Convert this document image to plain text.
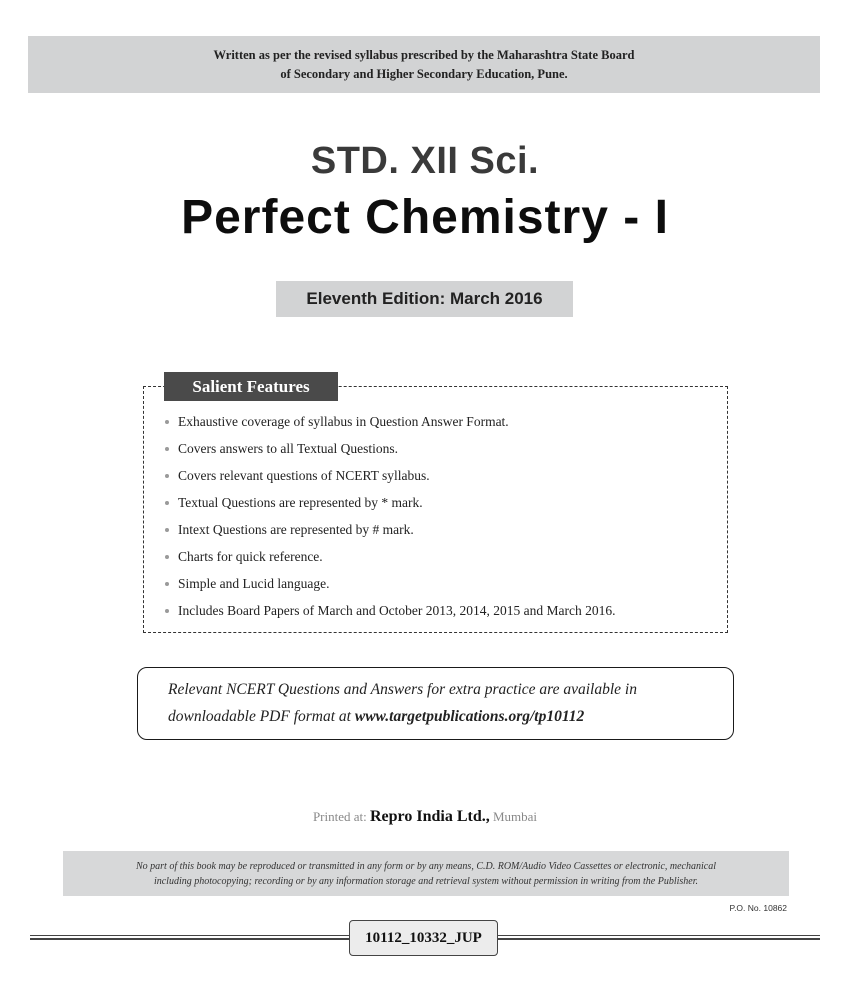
Written as per the revised syllabus prescribed by the Maharashtra State Board
of Secondary and Higher Secondary Education, Pune.
STD. XII Sci.
Perfect Chemistry - I
Eleventh Edition: March 2016
Salient Features
Exhaustive coverage of syllabus in Question Answer Format.
Covers answers to all Textual Questions.
Covers relevant questions of NCERT syllabus.
Textual Questions are represented by * mark.
Intext Questions are represented by # mark.
Charts for quick reference.
Simple and Lucid language.
Includes Board Papers of March and October 2013, 2014, 2015 and March 2016.
Relevant NCERT Questions and Answers for extra practice are available in
downloadable PDF format at www.targetpublications.org/tp10112
Printed at: Repro India Ltd., Mumbai
No part of this book may be reproduced or transmitted in any form or by any means, C.D. ROM/Audio Video Cassettes or electronic, mechanical
including photocopying; recording or by any information storage and retrieval system without permission in writing from the Publisher.
P.O. No. 10862
10112_10332_JUP
